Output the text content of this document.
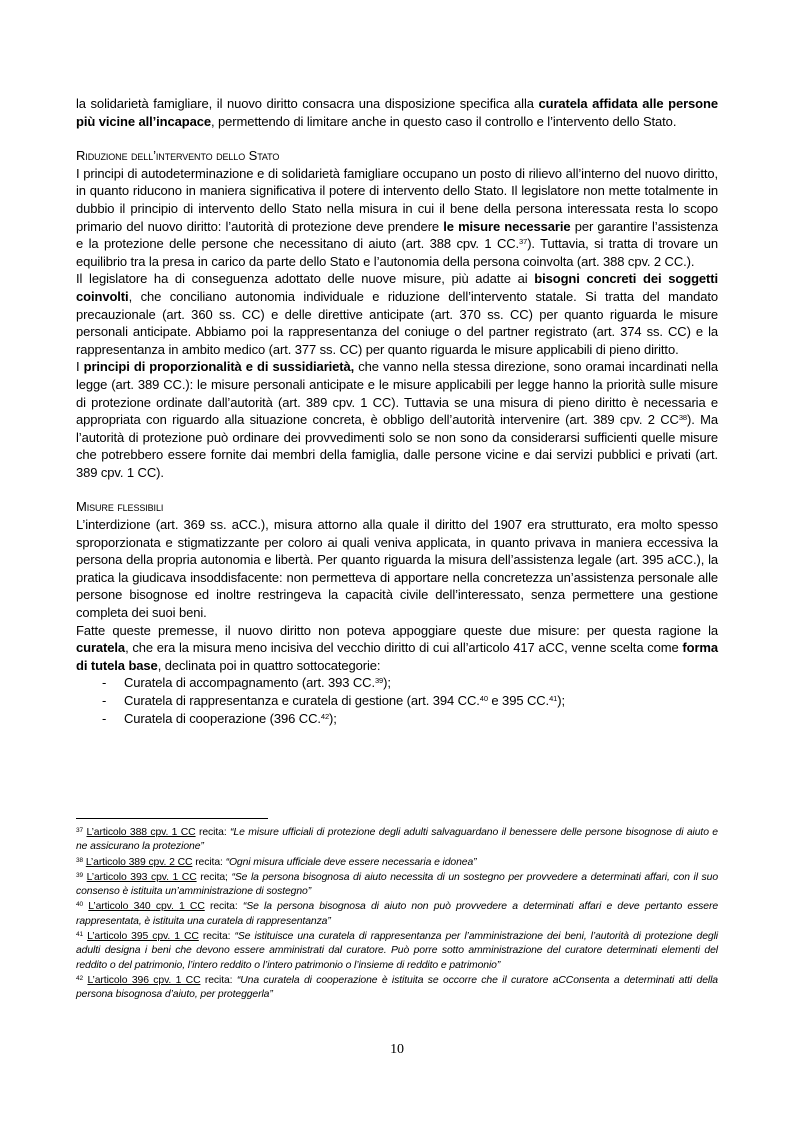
la solidarietà famigliare, il nuovo diritto consacra una disposizione specifica alla curatela affidata alle persone più vicine all’incapace, permettendo di limitare anche in questo caso il controllo e l’intervento dello Stato.

Riduzione dell’intervento dello Stato

I principi di autodeterminazione e di solidarietà famigliare occupano un posto di rilievo all’interno del nuovo diritto, in quanto riducono in maniera significativa il potere di intervento dello Stato. Il legislatore non mette totalmente in dubbio il principio di intervento dello Stato nella misura in cui il bene della persona interessata resta lo scopo primario del nuovo diritto: l’autorità di protezione deve prendere le misure necessarie per garantire l’assistenza e la protezione delle persone che necessitano di aiuto (art. 388 cpv. 1 CC.$^{37}$). Tuttavia, si tratta di trovare un equilibrio tra la presa in carico da parte dello Stato e l’autonomia della persona coinvolta (art. 388 cpv. 2 CC.).

Il legislatore ha di conseguenza adottato delle nuove misure, più adatte ai bisogni concreti dei soggetti coinvolti, che conciliano autonomia individuale e riduzione dell’intervento statale. Si tratta del mandato precauzionale (art. 360 ss. CC) e delle direttive anticipate (art. 370 ss. CC) per quanto riguarda le misure personali anticipate. Abbiamo poi la rappresentanza del coniuge o del partner registrato (art. 374 ss. CC) e la rappresentanza in ambito medico (art. 377 ss. CC) per quanto riguarda le misure applicabili di pieno diritto.

I principi di proporzionalità e di sussidiarietà, che vanno nella stessa direzione, sono oramai incardinati nella legge (art. 389 CC.): le misure personali anticipate e le misure applicabili per legge hanno la priorità sulle misure di protezione ordinate dall’autorità (art. 389 cpv. 1 CC). Tuttavia se una misura di pieno diritto è necessaria e appropriata con riguardo alla situazione concreta, è obbligo dell’autorità intervenire (art. 389 cpv. 2 CC$^{38}$). Ma l’autorità di protezione può ordinare dei provvedimenti solo se non sono da considerarsi sufficienti quelle misure che potrebbero essere fornite dai membri della famiglia, dalle persone vicine e dai servizi pubblici e privati (art. 389 cpv. 1 CC).

Misure flessibili

L’interdizione (art. 369 ss. aCC.), misura attorno alla quale il diritto del 1907 era strutturato, era molto spesso sproporzionata e stigmatizzante per coloro ai quali veniva applicata, in quanto privava in maniera eccessiva la persona della propria autonomia e libertà. Per quanto riguarda la misura dell’assistenza legale (art. 395 aCC.), la pratica la giudicava insoddisfacente: non permetteva di apportare nella concretezza un’assistenza personale alle persone bisognose ed inoltre restringeva la capacità civile dell’interessato, senza permettere una gestione completa dei suoi beni.

Fatte queste premesse, il nuovo diritto non poteva appoggiare queste due misure: per questa ragione la curatela, che era la misura meno incisiva del vecchio diritto di cui all’articolo 417 aCC, venne scelta come forma di tutela base, declinata poi in quattro sottocategorie:

- Curatela di accompagnamento (art. 393 CC.$^{39}$);
- Curatela di rappresentanza e curatela di gestione (art. 394 CC.$^{40}$ e 395 CC.$^{41}$);
- Curatela di cooperazione (396 CC.$^{42}$);

$^{37}$ L’articolo 388 cpv. 1 CC recita: “Le misure ufficiali di protezione degli adulti salvaguardano il benessere delle persone bisognose di aiuto e ne assicurano la protezione”

$^{38}$ L’articolo 389 cpv. 2 CC recita: “Ogni misura ufficiale deve essere necessaria e idonea”

$^{39}$ L’articolo 393 cpv. 1 CC recita; “Se la persona bisognosa di aiuto necessita di un sostegno per provvedere a determinati affari, con il suo consenso è istituita un’amministrazione di sostegno”

$^{40}$ L’articolo 340 cpv. 1 CC recita: “Se la persona bisognosa di aiuto non può provvedere a determinati affari e deve pertanto essere rappresentata, è istituita una curatela di rappresentanza”

$^{41}$ L’articolo 395 cpv. 1 CC recita: “Se istituisce una curatela di rappresentanza per l’amministrazione dei beni, l’autorità di protezione degli adulti designa i beni che devono essere amministrati dal curatore. Può porre sotto amministrazione del curatore determinati elementi del reddito o del patrimonio, l’intero reddito o l’intero patrimonio o l’insieme di reddito e patrimonio”

$^{42}$ L’articolo 396 cpv. 1 CC recita: “Una curatela di cooperazione è istituita se occorre che il curatore aCConsenta a determinati atti della persona bisognosa d’aiuto, per proteggerla”

10
